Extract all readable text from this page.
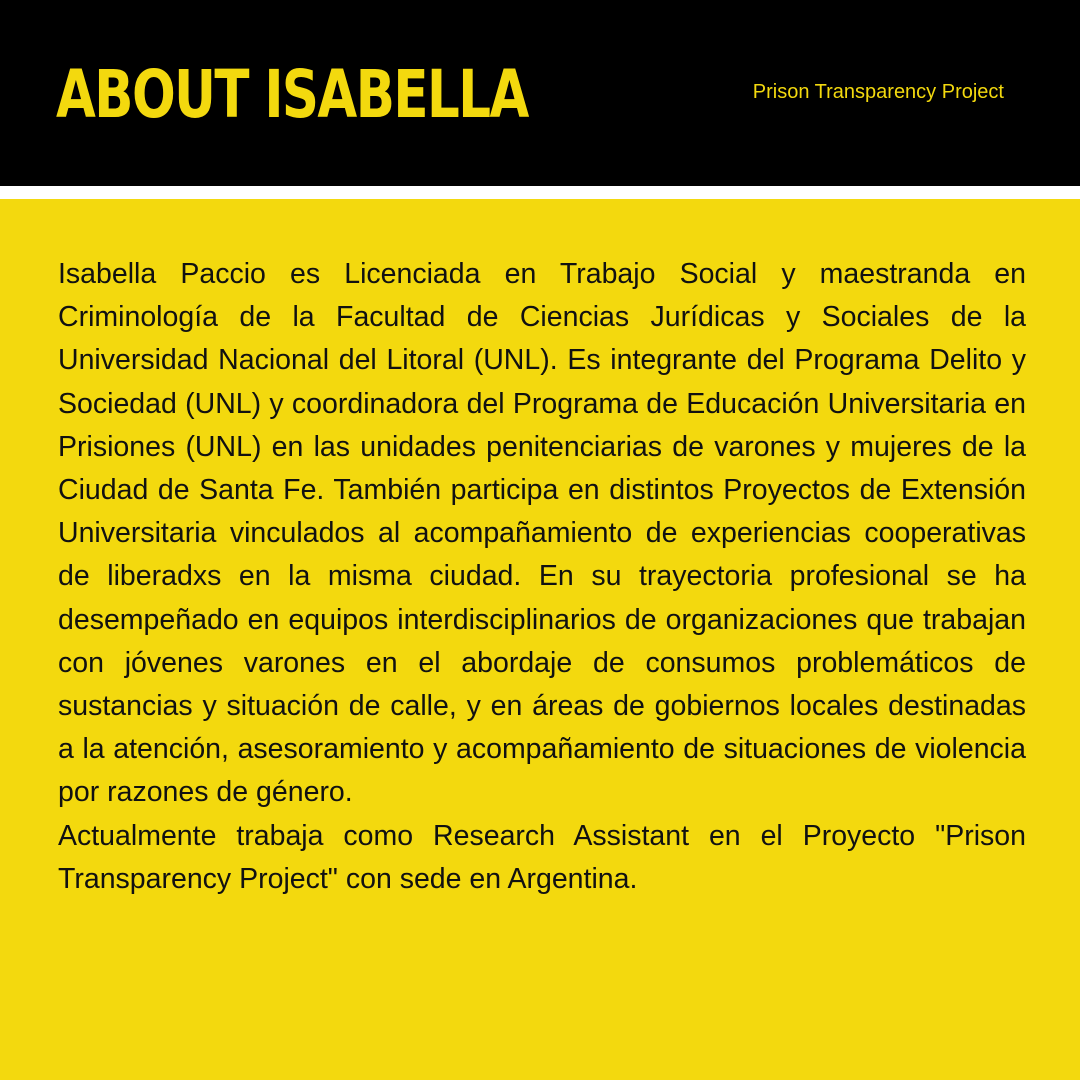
ABOUT ISABELLA	Prison Transparency Project

Isabella Paccio es Licenciada en Trabajo Social y maestranda en Criminología de la Facultad de Ciencias Jurídicas y Sociales de la Universidad Nacional del Litoral (UNL). Es integrante del Programa Delito y Sociedad (UNL) y coordinadora del Programa de Educación Universitaria en Prisiones (UNL) en las unidades penitenciarias de varones y mujeres de la Ciudad de Santa Fe. También participa en distintos Proyectos de Extensión Universitaria vinculados al acompañamiento de experiencias cooperativas de liberadxs en la misma ciudad. En su trayectoria profesional se ha desempeñado en equipos interdisciplinarios de organizaciones que trabajan con jóvenes varones en el abordaje de consumos problemáticos de sustancias y situación de calle, y en áreas de gobiernos locales destinadas a la atención, asesoramiento y acompañamiento de situaciones de violencia por razones de género.

Actualmente trabaja como Research Assistant en el Proyecto "Prison Transparency Project" con sede en Argentina.
